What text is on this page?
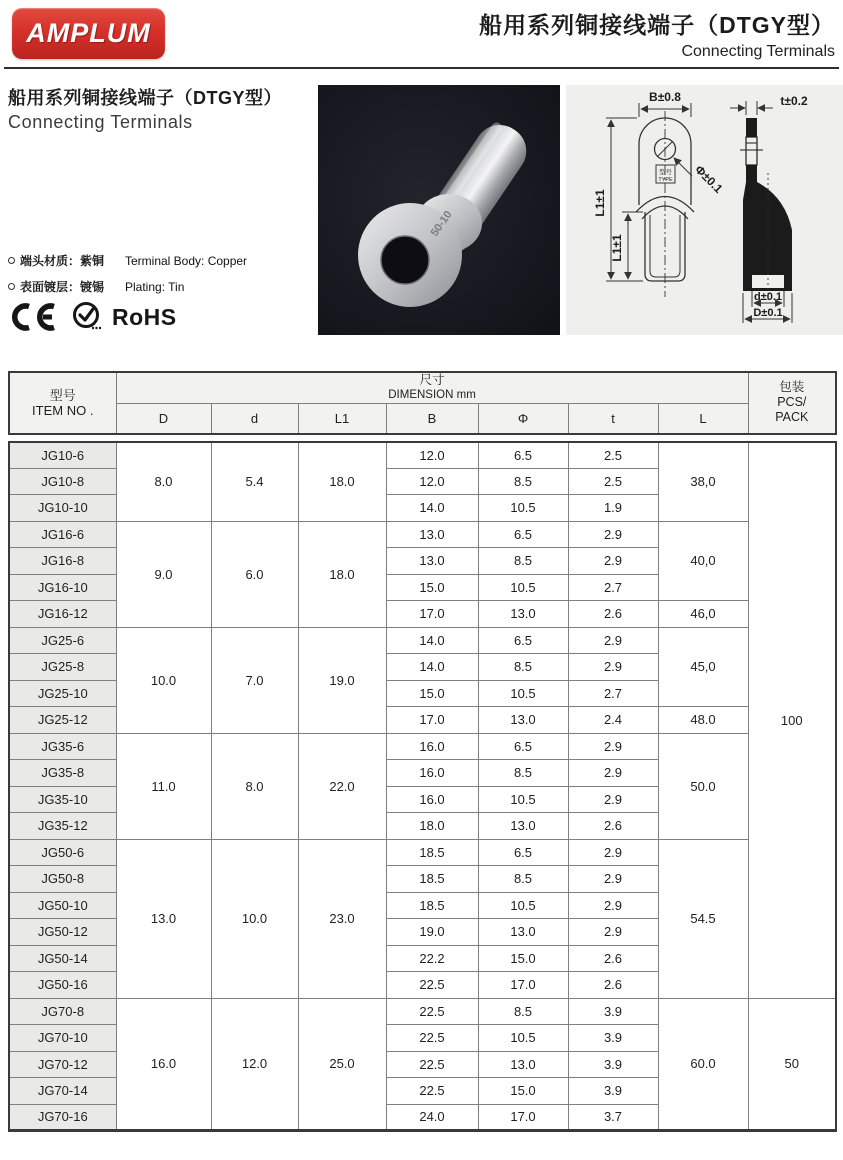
AMPLUM	船用系列铜接线端子（DTGY型）
Connecting Terminals
船用系列铜接线端子（DTGY型）
Connecting Terminals
端头材质：紫铜	Terminal Body: Copper
表面镀层：镀锡	Plating: Tin
RoHS
50-10
型号
TYPE
B±0.8
L1±1
L1±1
Φ±0.1
t±0.2
d±0.1
D±0.1
型号
ITEM NO .

尺寸
DIMENSION mm

包装
PCS/
PACK

	D	d	L1	B	Φ	t	L	
JG10-6	8.0	5.4	18.0	12.0	6.5	2.5	38,0	100
JG10-8				12.0	8.5	2.5		
JG10-10				14.0	10.5	1.9		
JG16-6	9.0	6.0	18.0	13.0	6.5	2.9	40,0	
JG16-8				13.0	8.5	2.9		
JG16-10				15.0	10.5	2.7		
JG16-12				17.0	13.0	2.6	46,0	
JG25-6	10.0	7.0	19.0	14.0	6.5	2.9	45,0	
JG25-8				14.0	8.5	2.9		
JG25-10				15.0	10.5	2.7		
JG25-12				17.0	13.0	2.4	48.0	
JG35-6	11.0	8.0	22.0	16.0	6.5	2.9	50.0	
JG35-8				16.0	8.5	2.9		
JG35-10				16.0	10.5	2.9		
JG35-12				18.0	13.0	2.6		
JG50-6	13.0	10.0	23.0	18.5	6.5	2.9	54.5	
JG50-8				18.5	8.5	2.9		
JG50-10				18.5	10.5	2.9		
JG50-12				19.0	13.0	2.9		
JG50-14				22.2	15.0	2.6		
JG50-16				22.5	17.0	2.6		
JG70-8	16.0	12.0	25.0	22.5	8.5	3.9	60.0	50
JG70-10				22.5	10.5	3.9		
JG70-12				22.5	13.0	3.9		
JG70-14				22.5	15.0	3.9		
JG70-16				24.0	17.0	3.7		
